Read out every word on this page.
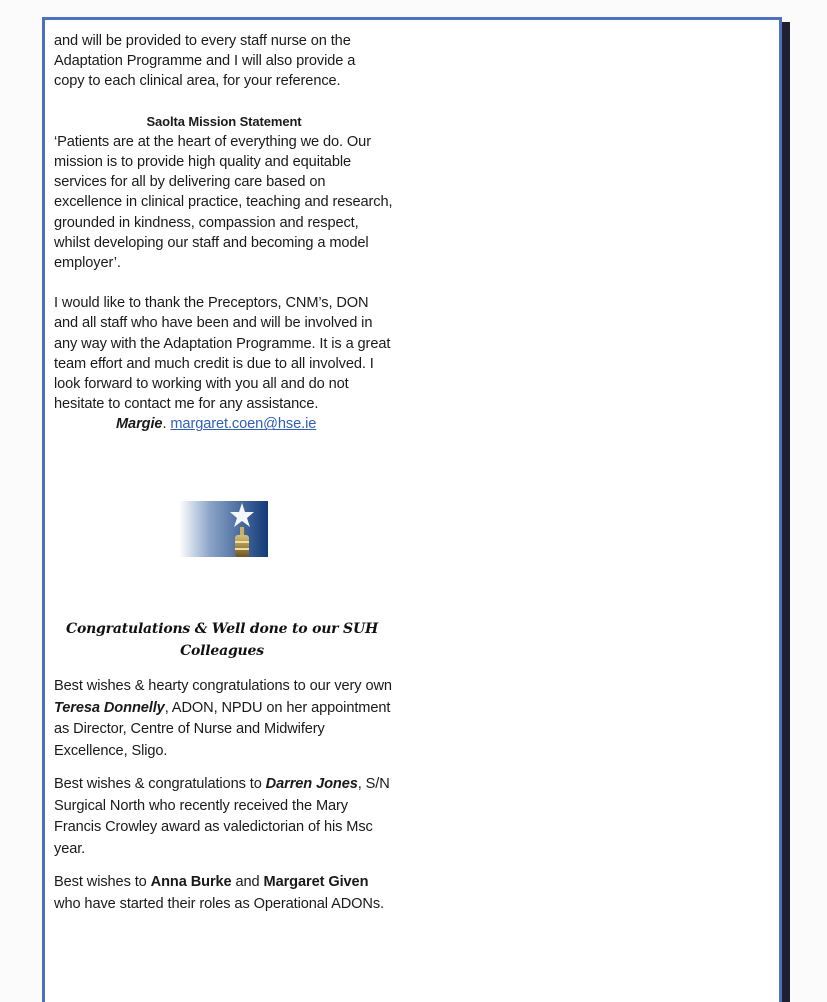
and will be provided to every staff nurse on the

Adaptation Programme and I will also provide a

copy to each clinical area, for your reference.

Saolta Mission Statement

‘Patients are at the heart of everything we do. Our mission is to provide high quality and equitable services for all by delivering care based on excellence in clinical practice, teaching and research, grounded in kindness, compassion and respect, whilst developing our staff and becoming a model employer’.

I would like to thank the Preceptors, CNM’s, DON and all staff who have been and will be involved in any way with the Adaptation Programme. It is a great team effort and much credit is due to all involved. I look forward to working with you all and do not hesitate to contact me for any assistance.

Margie. margaret.coen@hse.ie

Congratulations & Well done to our SUH Colleagues

Best wishes & hearty congratulations to our very own Teresa Donnelly, ADON, NPDU on her appointment as Director, Centre of Nurse and Midwifery Excellence, Sligo.

Best wishes & congratulations to Darren Jones, S/N Surgical North who recently received the Mary Francis Crowley award as valedictorian of his Msc year.

Best wishes to Anna Burke and Margaret Given who have started their roles as Operational ADONs.
